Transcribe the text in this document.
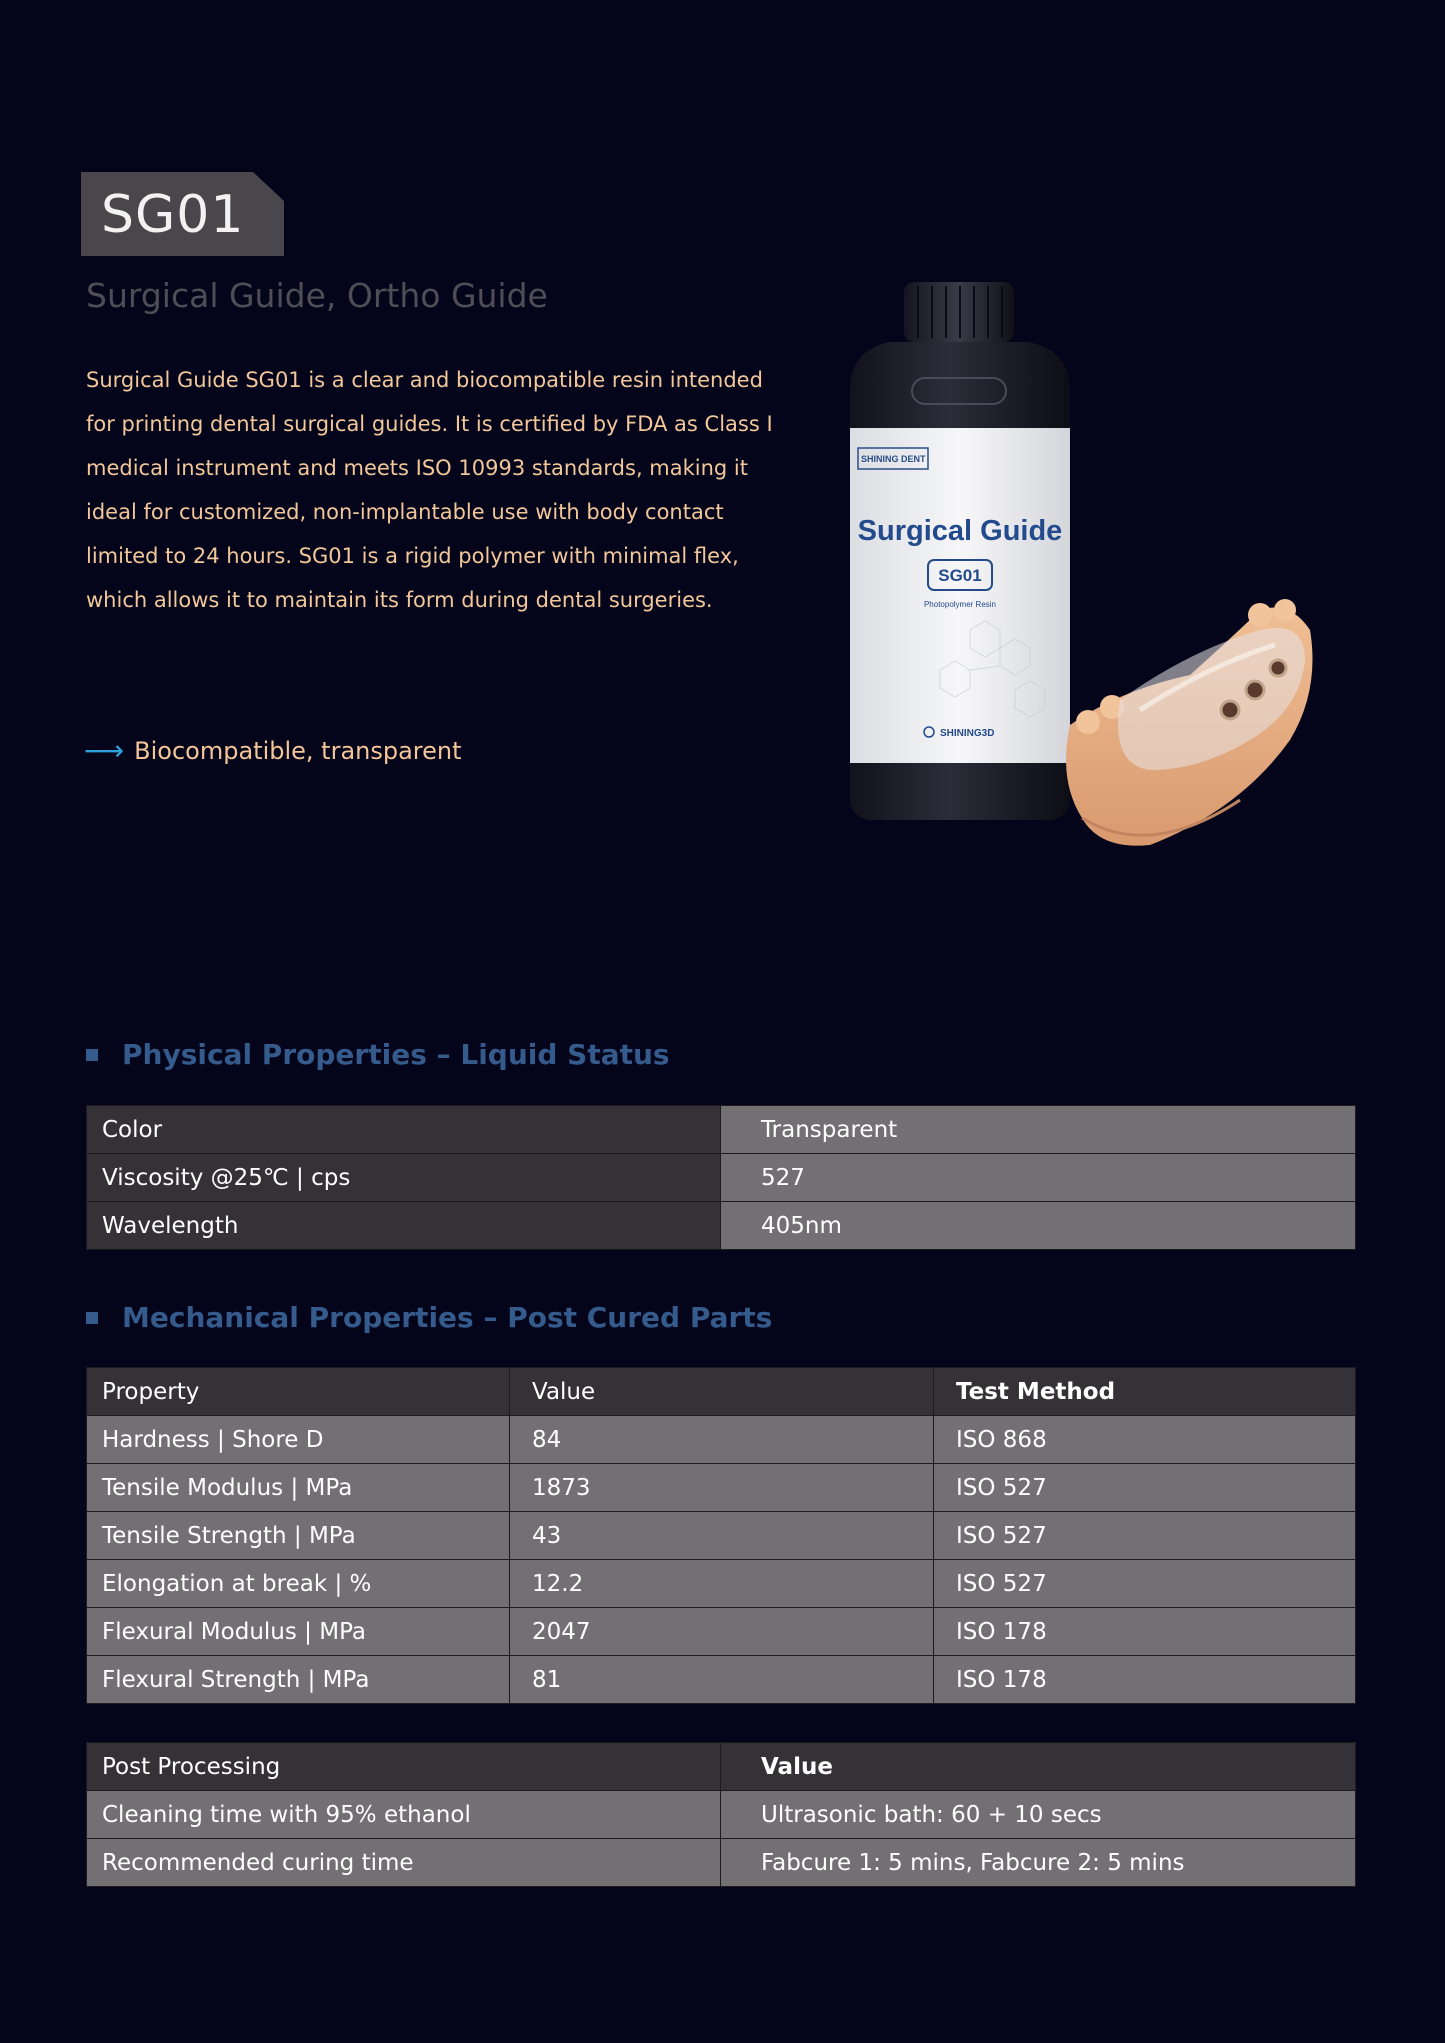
SG01
Surgical Guide, Ortho Guide
Surgical Guide SG01 is a clear and biocompatible resin intended for printing dental surgical guides. It is certified by FDA as Class I medical instrument and meets ISO 10993 standards, making it ideal for customized, non-implantable use with body contact limited to 24 hours. SG01 is a rigid polymer with minimal flex, which allows it to maintain its form during dental surgeries.
⟶ Biocompatible, transparent
SHINING DENT
Surgical Guide
SG01
Photopolymer Resin
SHINING3D
Physical Properties – Liquid Status
Color	Transparent
Viscosity @25℃ | cps	527
Wavelength	405nm
Mechanical Properties – Post Cured Parts
Property	Value	Test Method
Hardness | Shore D	84	ISO 868
Tensile Modulus | MPa	1873	ISO 527
Tensile Strength | MPa	43	ISO 527
Elongation at break | %	12.2	ISO 527
Flexural Modulus | MPa	2047	ISO 178
Flexural Strength | MPa	81	ISO 178
Post Processing	Value
Cleaning time with 95% ethanol	Ultrasonic bath: 60 + 10 secs
Recommended curing time	Fabcure 1: 5 mins, Fabcure 2: 5 mins
